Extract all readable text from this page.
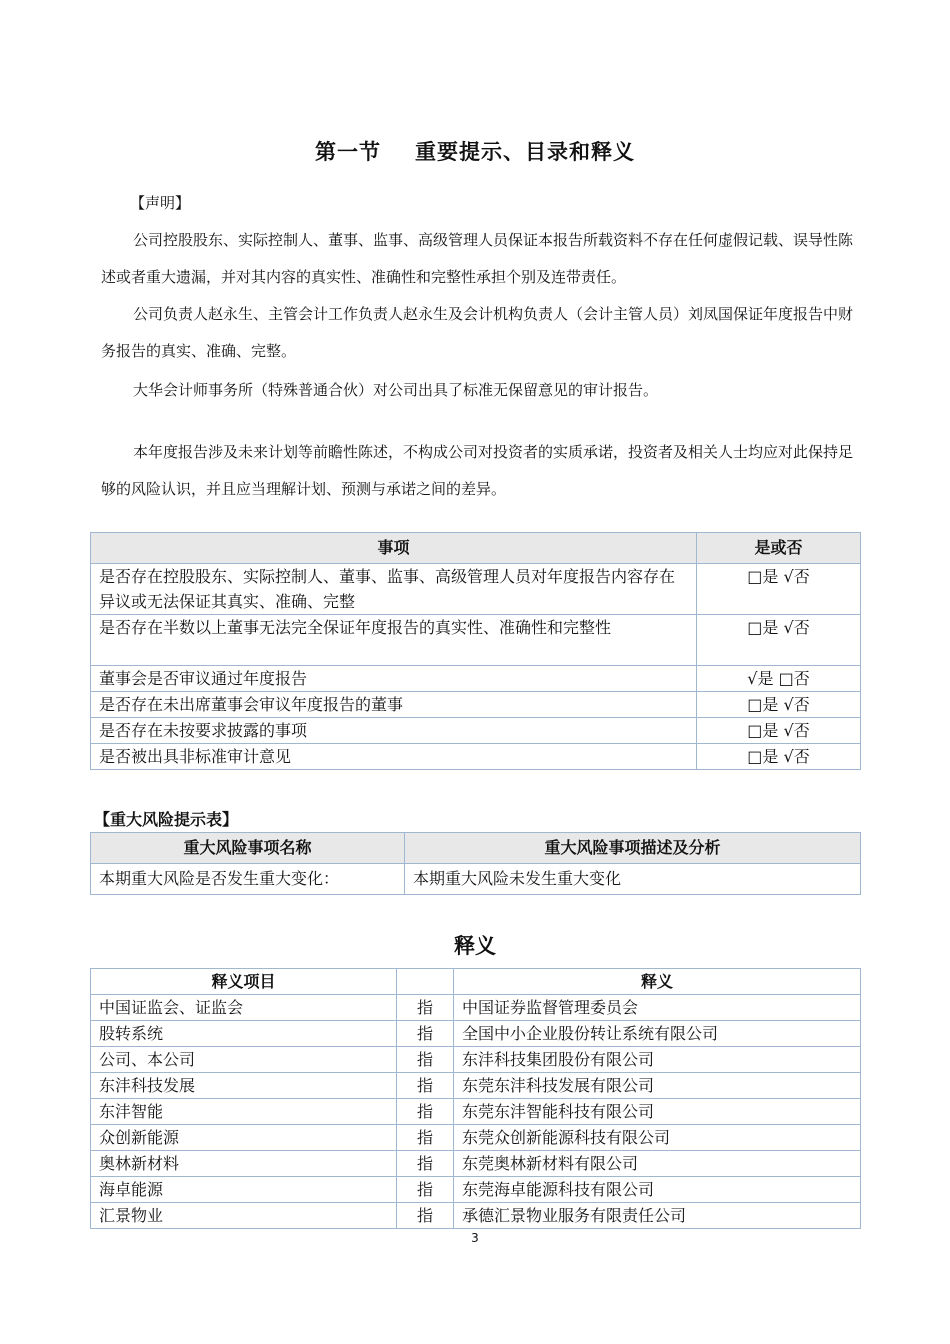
第一节 重要提示、目录和释义
【声明】

公司控股股东、实际控制人、董事、监事、高级管理人员保证本报告所载资料不存在任何虚假记载、误导性陈述或者重大遗漏，并对其内容的真实性、准确性和完整性承担个别及连带责任。

公司负责人赵永生、主管会计工作负责人赵永生及会计机构负责人（会计主管人员）刘凤国保证年度报告中财务报告的真实、准确、完整。

大华会计师事务所（特殊普通合伙）对公司出具了标准无保留意见的审计报告。

本年度报告涉及未来计划等前瞻性陈述，不构成公司对投资者的实质承诺，投资者及相关人士均应对此保持足够的风险认识，并且应当理解计划、预测与承诺之间的差异。

事项	是或否
是否存在控股股东、实际控制人、董事、监事、高级管理人员对年度报告内容存在异议或无法保证其真实、准确、完整	□是 √否
是否存在半数以上董事无法完全保证年度报告的真实性、准确性和完整性	□是 √否
董事会是否审议通过年度报告	√是 □否
是否存在未出席董事会审议年度报告的董事	□是 √否
是否存在未按要求披露的事项	□是 √否
是否被出具非标准审计意见	□是 √否
【重大风险提示表】
重大风险事项名称	重大风险事项描述及分析
本期重大风险是否发生重大变化：	本期重大风险未发生重大变化
释义
释义项目		释义
中国证监会、证监会	指	中国证券监督管理委员会
股转系统	指	全国中小企业股份转让系统有限公司
公司、本公司	指	东沣科技集团股份有限公司
东沣科技发展	指	东莞东沣科技发展有限公司
东沣智能	指	东莞东沣智能科技有限公司
众创新能源	指	东莞众创新能源科技有限公司
奥林新材料	指	东莞奥林新材料有限公司
海卓能源	指	东莞海卓能源科技有限公司
汇景物业	指	承德汇景物业服务有限责任公司
3
